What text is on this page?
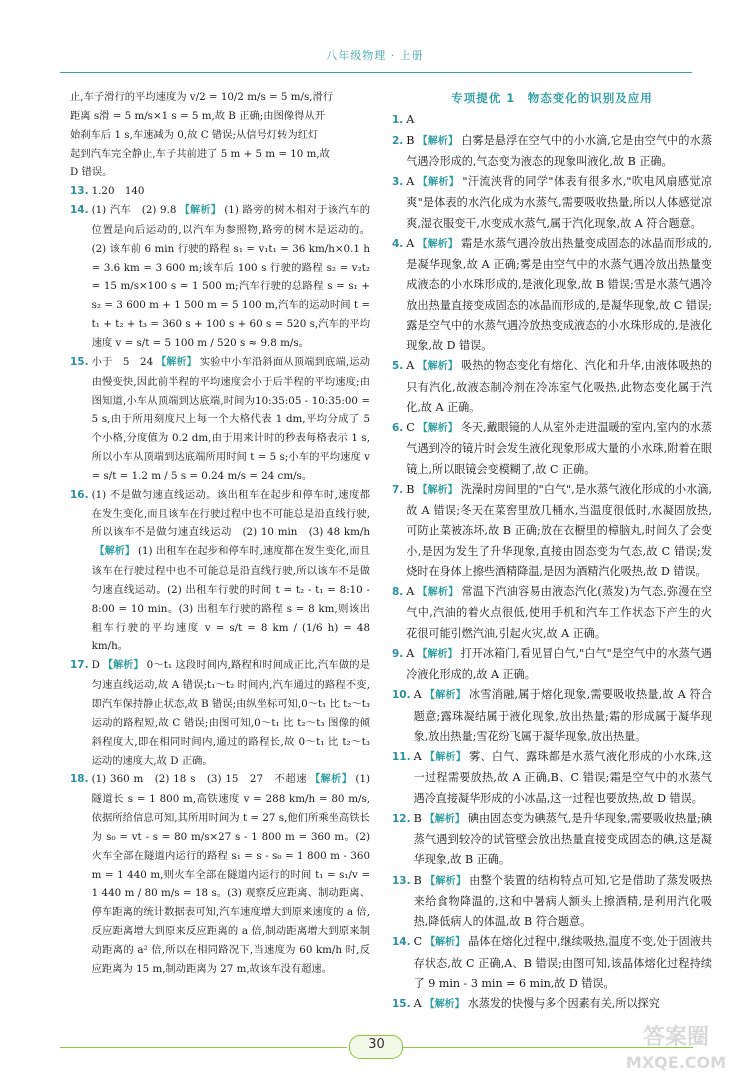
八年级物理 · 上册
止,车子滑行的平均速度为 v/2 = 10/2 m/s = 5 m/s,滑行
距离 s滑 = 5 m/s×1 s = 5 m,故 B 正确;由图像得从开
始刹车后 1 s,车速减为 0,故 C 错误;从信号灯转为红灯
起到汽车完全静止,车子共前进了 5 m + 5 m = 10 m,故
D 错误。
13. 1.20　140
14. (1) 汽车　(2) 9.8 【解析】 (1) 路旁的树木相对于该汽车的位置是向后运动的,以汽车为参照物,路旁的树木是运动的。(2) 该车前 6 min 行驶的路程 s₁ = v₁t₁ = 36 km/h×0.1 h = 3.6 km = 3 600 m;该车后 100 s 行驶的路程 s₂ = v₂t₂ = 15 m/s×100 s = 1 500 m;汽车行驶的总路程 s = s₁ + s₂ = 3 600 m + 1 500 m = 5 100 m,汽车的运动时间 t = t₁ + t₂ + t₃ = 360 s + 100 s + 60 s = 520 s,汽车的平均速度 v = s/t = 5 100 m / 520 s ≈ 9.8 m/s。
15. 小于　5　24 【解析】 实验中小车沿斜面从顶端到底端,运动由慢变快,因此前半程的平均速度会小于后半程的平均速度;由图知道,小车从顶端到达底端,时间为10:35:05 - 10:35:00 = 5 s,由于所用刻度尺上每一个大格代表 1 dm,平均分成了 5 个小格,分度值为 0.2 dm,由于用来计时的秒表每格表示 1 s,所以小车从顶端到达底端所用时间 t = 5 s;小车的平均速度 v = s/t = 1.2 m / 5 s = 0.24 m/s = 24 cm/s。
16. (1) 不是做匀速直线运动。该出租车在起步和停车时,速度都在发生变化,而且该车在行驶过程中也不可能总是沿直线行驶,所以该车不是做匀速直线运动　(2) 10 min　(3) 48 km/h【解析】 (1) 出租车在起步和停车时,速度都在发生变化,而且该车在行驶过程中也不可能总是沿直线行驶,所以该车不是做匀速直线运动。(2) 出租车行驶的时间 t = t₂ - t₁ = 8:10 - 8:00 = 10 min。(3) 出租车行驶的路程 s = 8 km,则该出租车行驶的平均速度 v = s/t = 8 km / (1/6 h) = 48 km/h。
17. D 【解析】 0～t₁ 这段时间内,路程和时间成正比,汽车做的是匀速直线运动,故 A 错误;t₁～t₂ 时间内,汽车通过的路程不变,即汽车保持静止状态,故 B 错误;由纵坐标可知,0～t₁ 比 t₂～t₃ 运动的路程短,故 C 错误;由图可知,0～t₁ 比 t₂～t₃ 图像的倾斜程度大,即在相同时间内,通过的路程长,故 0～t₁ 比 t₂～t₃ 运动的速度大,故 D 正确。
18. (1) 360 m　(2) 18 s　(3) 15　27　不超速 【解析】 (1) 隧道长 s = 1 800 m,高铁速度 v = 288 km/h = 80 m/s,依据所给信息可知,其所用时间为 t = 27 s,他们所乘坐高铁长为 s₀ = vt - s = 80 m/s×27 s - 1 800 m = 360 m。(2) 火车全部在隧道内运行的路程 s₁ = s - s₀ = 1 800 m - 360 m = 1 440 m,则火车全部在隧道内运行的时间 t₁ = s₁/v = 1 440 m / 80 m/s = 18 s。(3) 观察反应距离、制动距离、停车距离的统计数据表可知,汽车速度增大到原来速度的 a 倍,反应距离增大到原来反应距离的 a 倍,制动距离增大到原来制动距离的 a² 倍,所以在相同路况下,当速度为 60 km/h 时,反应距离为 15 m,制动距离为 27 m,故该车没有超速。
专项提优 1　物态变化的识别及应用
1. A
2. B 【解析】 白雾是悬浮在空气中的小水滴,它是由空气中的水蒸气遇冷形成的,气态变为液态的现象叫液化,故 B 正确。
3. A 【解析】 "汗流浃背的同学"体表有很多水,"吹电风扇感觉凉爽"是体表的水汽化成为水蒸气,需要吸收热量,所以人体感觉凉爽,湿衣服变干,水变成水蒸气,属于汽化现象,故 A 符合题意。
4. A 【解析】 霜是水蒸气遇冷放出热量变成固态的冰晶而形成的,是凝华现象,故 A 正确;雾是由空气中的水蒸气遇冷放出热量变成液态的小水珠形成的,是液化现象,故 B 错误;雪是水蒸气遇冷放出热量直接变成固态的冰晶而形成的,是凝华现象,故 C 错误;露是空气中的水蒸气遇冷放热变成液态的小水珠形成的,是液化现象,故 D 错误。
5. A 【解析】 吸热的物态变化有熔化、汽化和升华,由液体吸热的只有汽化,故液态制冷剂在冷冻室气化吸热,此物态变化属于汽化,故 A 正确。
6. C 【解析】 冬天,戴眼镜的人从室外走进温暖的室内,室内的水蒸气遇到冷的镜片时会发生液化现象形成大量的小水珠,附着在眼镜上,所以眼镜会变模糊了,故 C 正确。
7. B 【解析】 洗澡时房间里的"白气",是水蒸气液化形成的小水滴,故 A 错误;冬天在菜窖里放几桶水,当温度很低时,水凝固放热,可防止菜被冻坏,故 B 正确;放在衣橱里的樟脑丸,时间久了会变小,是因为发生了升华现象,直接由固态变为气态,故 C 错误;发烧时在身体上擦些酒精降温,是因为酒精汽化吸热,故 D 错误。
8. A 【解析】 常温下汽油容易由液态汽化(蒸发)为气态,弥漫在空气中,汽油的着火点很低,使用手机和汽车工作状态下产生的火花很可能引燃汽油,引起火灾,故 A 正确。
9. A 【解析】 打开冰箱门,看见冒白气,"白气"是空气中的水蒸气遇冷液化形成的,故 A 正确。
10. A 【解析】 冰雪消融,属于熔化现象,需要吸收热量,故 A 符合题意;露珠凝结属于液化现象,放出热量;霜的形成属于凝华现象,放出热量;雪花纷飞属于凝华现象,放出热量。
11. A 【解析】 雾、白气、露珠都是水蒸气液化形成的小水珠,这一过程需要放热,故 A 正确,B、C 错误;霜是空气中的水蒸气遇冷直接凝华形成的小冰晶,这一过程也要放热,故 D 错误。
12. B 【解析】 碘由固态变为碘蒸气,是升华现象,需要吸收热量;碘蒸气遇到较冷的试管壁会放出热量直接变成固态的碘,这是凝华现象,故 B 正确。
13. B 【解析】 由整个装置的结构特点可知,它是借助了蒸发吸热来给食物降温的,这和中暑病人额头上擦酒精,是利用汽化吸热,降低病人的体温,故 B 符合题意。
14. C 【解析】 晶体在熔化过程中,继续吸热,温度不变,处于固液共存状态,故 C 正确,A、B 错误;由图可知,该晶体熔化过程持续了 9 min - 3 min = 6 min,故 D 错误。
15. A 【解析】 水蒸发的快慢与多个因素有关,所以探究
30	答案圈
MXQE.COM
